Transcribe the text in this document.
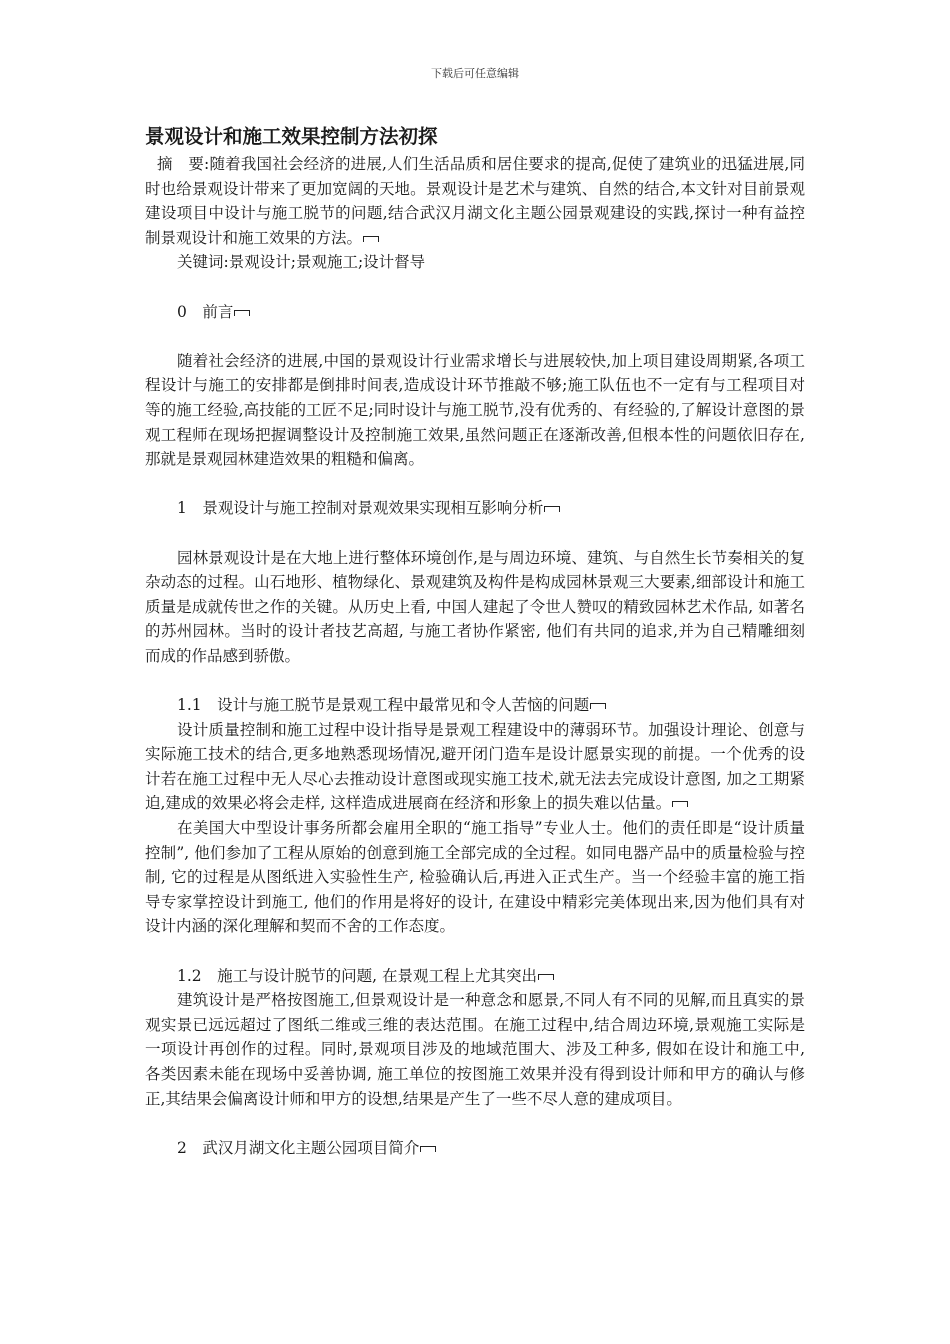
下载后可任意编辑
景观设计和施工效果控制方法初探

摘　要:随着我国社会经济的进展,人们生活品质和居住要求的提高,促使了建筑业的迅猛进展,同时也给景观设计带来了更加宽阔的天地。景观设计是艺术与建筑、自然的结合,本文针对目前景观建设项目中设计与施工脱节的问题,结合武汉月湖文化主题公园景观建设的实践,探讨一种有益控制景观设计和施工效果的方法。

关键词:景观设计;景观施工;设计督导

0　前言

随着社会经济的进展,中国的景观设计行业需求增长与进展较快,加上项目建设周期紧,各项工程设计与施工的安排都是倒排时间表,造成设计环节推敲不够;施工队伍也不一定有与工程项目对等的施工经验,高技能的工匠不足;同时设计与施工脱节,没有优秀的、有经验的,了解设计意图的景观工程师在现场把握调整设计及控制施工效果,虽然问题正在逐渐改善,但根本性的问题依旧存在,那就是景观园林建造效果的粗糙和偏离。

1　景观设计与施工控制对景观效果实现相互影响分析

园林景观设计是在大地上进行整体环境创作,是与周边环境、建筑、与自然生长节奏相关的复杂动态的过程。山石地形、植物绿化、景观建筑及构件是构成园林景观三大要素,细部设计和施工质量是成就传世之作的关键。从历史上看, 中国人建起了令世人赞叹的精致园林艺术作品, 如著名的苏州园林。当时的设计者技艺高超, 与施工者协作紧密, 他们有共同的追求,并为自己精雕细刻而成的作品感到骄傲。

1.1　设计与施工脱节是景观工程中最常见和令人苦恼的问题

设计质量控制和施工过程中设计指导是景观工程建设中的薄弱环节。加强设计理论、创意与实际施工技术的结合,更多地熟悉现场情况,避开闭门造车是设计愿景实现的前提。一个优秀的设计若在施工过程中无人尽心去推动设计意图或现实施工技术,就无法去完成设计意图, 加之工期紧迫,建成的效果必将会走样, 这样造成进展商在经济和形象上的损失难以估量。

在美国大中型设计事务所都会雇用全职的“施工指导”专业人士。他们的责任即是“设计质量控制”, 他们参加了工程从原始的创意到施工全部完成的全过程。如同电器产品中的质量检验与控制, 它的过程是从图纸进入实验性生产, 检验确认后,再进入正式生产。当一个经验丰富的施工指导专家掌控设计到施工, 他们的作用是将好的设计, 在建设中精彩完美体现出来,因为他们具有对设计内涵的深化理解和契而不舍的工作态度。

1.2　施工与设计脱节的问题, 在景观工程上尤其突出

建筑设计是严格按图施工,但景观设计是一种意念和愿景,不同人有不同的见解,而且真实的景观实景已远远超过了图纸二维或三维的表达范围。在施工过程中,结合周边环境,景观施工实际是一项设计再创作的过程。同时,景观项目涉及的地域范围大、涉及工种多, 假如在设计和施工中, 各类因素未能在现场中妥善协调, 施工单位的按图施工效果并没有得到设计师和甲方的确认与修正,其结果会偏离设计师和甲方的设想,结果是产生了一些不尽人意的建成项目。

2　武汉月湖文化主题公园项目简介
